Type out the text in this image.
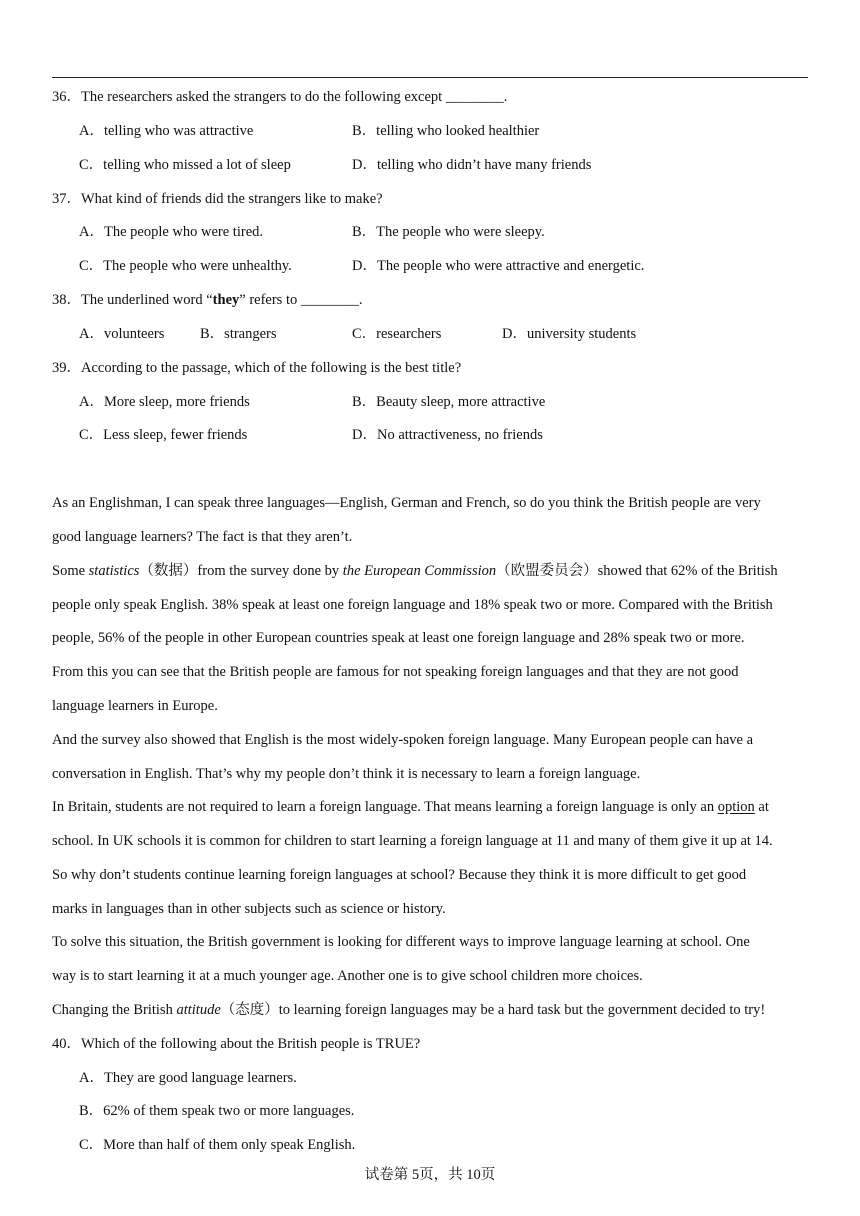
36．The researchers asked the strangers to do the following except ________.
A．telling who was attractive	B．telling who looked healthier
C．telling who missed a lot of sleep	D．telling who didn’t have many friends
37．What kind of friends did the strangers like to make?
A．The people who were tired.	B．The people who were sleepy.
C．The people who were unhealthy.	D．The people who were attractive and energetic.
38．The underlined word “they” refers to ________.
A．volunteers B．strangers	C．researchers	D．university students
39．According to the passage, which of the following is the best title?
A．More sleep, more friends	B．Beauty sleep, more attractive
C．Less sleep, fewer friends	D．No attractiveness, no friends
As an Englishman, I can speak three languages—English, German and French, so do you think the British people are very
good language learners? The fact is that they aren’t.
Some statistics（数据）from the survey done by the European Commission（欧盟委员会）showed that 62% of the British
people only speak English. 38% speak at least one foreign language and 18% speak two or more. Compared with the British
people, 56% of the people in other European countries speak at least one foreign language and 28% speak two or more.
From this you can see that the British people are famous for not speaking foreign languages and that they are not good
language learners in Europe.
And the survey also showed that English is the most widely-spoken foreign language. Many European people can have a
conversation in English. That’s why my people don’t think it is necessary to learn a foreign language.
In Britain, students are not required to learn a foreign language. That means learning a foreign language is only an option at
school. In UK schools it is common for children to start learning a foreign language at 11 and many of them give it up at 14.
So why don’t students continue learning foreign languages at school? Because they think it is more difficult to get good
marks in languages than in other subjects such as science or history.
To solve this situation, the British government is looking for different ways to improve language learning at school. One
way is to start learning it at a much younger age. Another one is to give school children more choices.
Changing the British attitude（态度）to learning foreign languages may be a hard task but the government decided to try!
40．Which of the following about the British people is TRUE?
A．They are good language learners.
B．62% of them speak two or more languages.
C．More than half of them only speak English.
试卷第 5页，共 10页
